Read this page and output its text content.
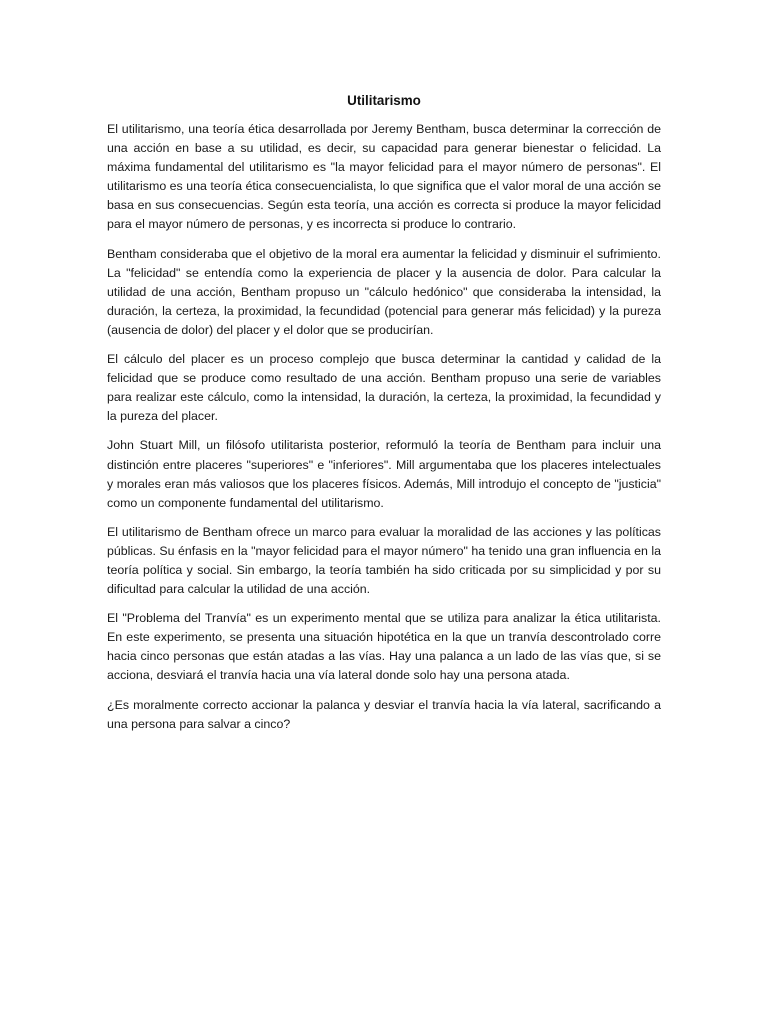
Utilitarismo

El utilitarismo, una teoría ética desarrollada por Jeremy Bentham, busca determinar la corrección de una acción en base a su utilidad, es decir, su capacidad para generar bienestar o felicidad. La máxima fundamental del utilitarismo es "la mayor felicidad para el mayor número de personas". El utilitarismo es una teoría ética consecuencialista, lo que significa que el valor moral de una acción se basa en sus consecuencias. Según esta teoría, una acción es correcta si produce la mayor felicidad para el mayor número de personas, y es incorrecta si produce lo contrario.

Bentham consideraba que el objetivo de la moral era aumentar la felicidad y disminuir el sufrimiento. La "felicidad" se entendía como la experiencia de placer y la ausencia de dolor. Para calcular la utilidad de una acción, Bentham propuso un "cálculo hedónico" que consideraba la intensidad, la duración, la certeza, la proximidad, la fecundidad (potencial para generar más felicidad) y la pureza (ausencia de dolor) del placer y el dolor que se producirían.

El cálculo del placer es un proceso complejo que busca determinar la cantidad y calidad de la felicidad que se produce como resultado de una acción. Bentham propuso una serie de variables para realizar este cálculo, como la intensidad, la duración, la certeza, la proximidad, la fecundidad y la pureza del placer.

John Stuart Mill, un filósofo utilitarista posterior, reformuló la teoría de Bentham para incluir una distinción entre placeres "superiores" e "inferiores". Mill argumentaba que los placeres intelectuales y morales eran más valiosos que los placeres físicos. Además, Mill introdujo el concepto de "justicia" como un componente fundamental del utilitarismo.

El utilitarismo de Bentham ofrece un marco para evaluar la moralidad de las acciones y las políticas públicas. Su énfasis en la "mayor felicidad para el mayor número" ha tenido una gran influencia en la teoría política y social. Sin embargo, la teoría también ha sido criticada por su simplicidad y por su dificultad para calcular la utilidad de una acción.

El "Problema del Tranvía" es un experimento mental que se utiliza para analizar la ética utilitarista. En este experimento, se presenta una situación hipotética en la que un tranvía descontrolado corre hacia cinco personas que están atadas a las vías. Hay una palanca a un lado de las vías que, si se acciona, desviará el tranvía hacia una vía lateral donde solo hay una persona atada.

¿Es moralmente correcto accionar la palanca y desviar el tranvía hacia la vía lateral, sacrificando a una persona para salvar a cinco?
